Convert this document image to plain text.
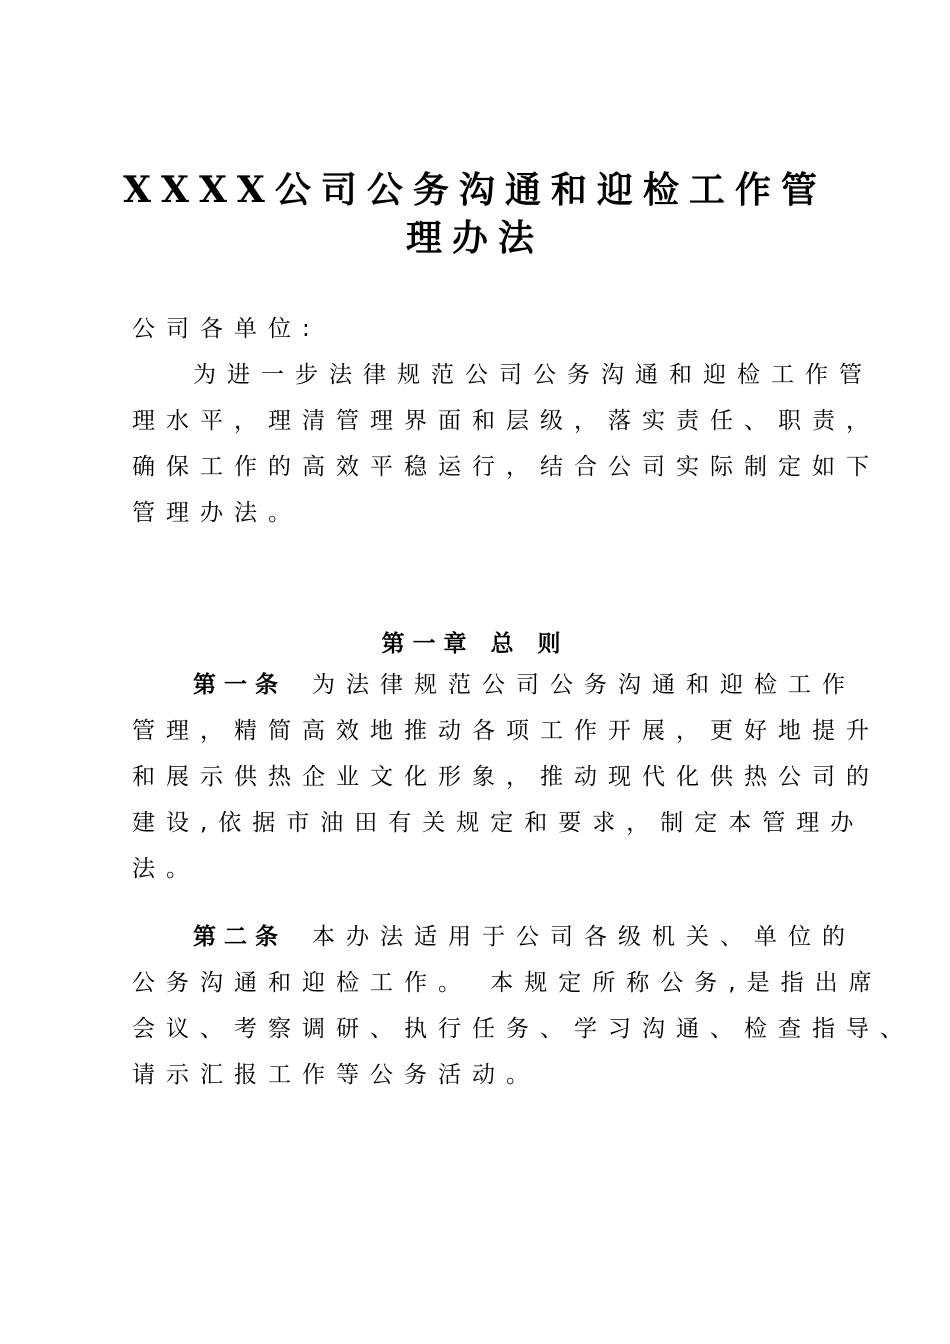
XXXX公司公务沟通和迎检工作管
理办法
公司各单位:
为进一步法律规范公司公务沟通和迎检工作管
理水平，理清管理界面和层级，落实责任、职责，
确保工作的高效平稳运行，结合公司实际制定如下
管理办法。
第一章 总 则
第一条 为法律规范公司公务沟通和迎检工作
管理，精简高效地推动各项工作开展，更好地提升
和展示供热企业文化形象，推动现代化供热公司的
建设,依据市油田有关规定和要求，制定本管理办
法。
第二条 本办法适用于公司各级机关、单位的
公务沟通和迎检工作。 本规定所称公务,是指出席
会议、考察调研、执行任务、学习沟通、检查指导、
请示汇报工作等公务活动。
